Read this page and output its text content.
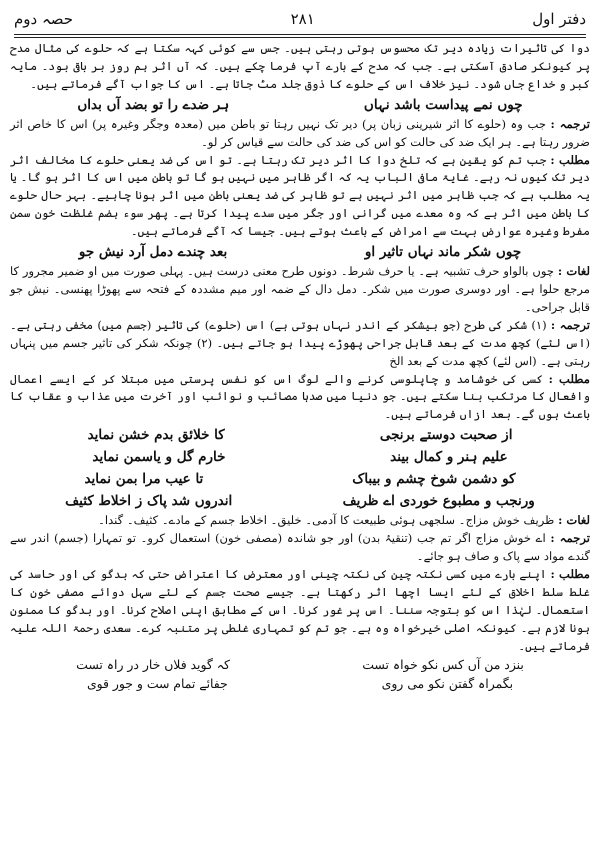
حصہ دوم	۲۸۱	دفتر اول

دوا کی تاثیرات زیادہ دیر تک محسوس ہوتی رہتی ہیں۔ جس سے کوئی کہہ سکتا ہے کہ حلوے کی مثال مدح پر کیونکر صادق آسکتی ہے۔ جب کہ مدح کے بارے آپ فرما چکے ہیں۔ کہ آں اثر ہم روز بر باقی بود۔ مایہ کبر و خداع جاں شود۔ نیز خلاف اس کے حلوے کا ذوق جلد مٹ جاتا ہے۔ اس کا جواب آگے فرماتے ہیں۔

چوں نمے پیداست باشد نہاں
ہر ضدے را تو بضد آں بداں

ترجمہ : جب وہ (حلوے کا اثر شیرینی زبان پر) دیر تک نہیں رہتا تو باطن میں (معدہ وجگر وغیرہ پر) اس کا خاص اثر ضرور رہتا ہے۔ ہر ایک ضد کی حالت کو اس کی ضد کی حالت سے قیاس کر لو۔

مطلب : جب تم کو یقین ہے کہ تلخ دوا کا اثر دیر تک رہتا ہے۔ تو اس کی ضد یعنی حلوے کا مخالف اثر دیر تک کیوں نہ رہے۔ غایۃ مافی الباب یہ کہ اگر ظاہر میں نہیں ہو گا تو باطن میں اس کا اثر ہو گا۔ یا یہ مطلب ہے کہ جب ظاہر میں اثر نہیں ہے تو ظاہر کی ضد یعنی باطن میں اثر ہونا چاہیے۔ بہر حال حلوے کا باطن میں اثر ہے کہ وہ معدے میں گرانی اور جگر میں سدے پیدا کرتا ہے۔ پھر سوء ہضم غلظت خون سمن مفرط وغیرہ عوارض بہت سے امراض کے باعث ہوتے ہیں۔ جیسا کہ آگے فرماتے ہیں۔

چوں شکر ماند نہاں تاثیر او
بعد چندے دمل آرد نیش جو

لغات : چوں بالواو حرف تشبیہ ہے۔ یا حرف شرط۔ دونوں طرح معنی درست ہیں۔ پہلی صورت میں او ضمیر مجرور کا مرجع حلوا ہے۔ اور دوسری صورت میں شکر۔ دمل دال کے ضمہ اور میم مشددہ کے فتحہ سے پھوڑا پھنسی۔ نیش جو قابل جراحی۔

ترجمہ : (۱) شکر کی طرح (جو بیشکر کے اندر نہاں ہوتی ہے) اس (حلوے) کی تاثیر (جسم میں) مخفی رہتی ہے۔ (اس لئے) کچھ مدت کے بعد قابل جراحی پھوڑے پیدا ہو جاتے ہیں۔ (۲) چونکہ شکر کی تاثیر جسم میں پنہاں رہتی ہے۔ (اس لئے) کچھ مدت کے بعد الخ

مطلب : کسی کی خوشامد و چاپلوسی کرنے والے لوگ اس کو نفس پرستی میں مبتلا کر کے ایسے اعمال وافعال کا مرتکب بنا سکتے ہیں۔ جو دنیا میں صدہا مصائب و نوائب اور آخرت میں عذاب و عقاب کا باعث ہوں گے۔ بعد ازاں فرماتے ہیں۔

از صحبت دوستے برنجی
کا خلائق بدم خشن نماید
علیم ہنر و کمال بیند
خارم گل و یاسمن نماید
کو دشمن شوخ چشم و بیباک
تا عیب مرا بمن نماید
ورنجب و مطبوع خوردی اے ظریف
اندروں شد پاک ز اخلاط کثیف

لغات : ظریف خوش مزاج۔ سلجھی ہوئی طبیعت کا آدمی۔ خلیق۔ اخلاط جسم کے مادے۔ کثیف۔ گندا۔

ترجمہ : اے خوش مزاج اگر تم جب (تنقیۂ بدن) اور جو شاندہ (مصفی خون) استعمال کرو۔ تو تمہارا (جسم) اندر سے گندے مواد سے پاک و صاف ہو جائے۔

مطلب : اپنے بارے میں کسی نکتہ چین کی نکتہ چینی اور معترض کا اعتراض حتی کہ بدگو کی اور حاسد کی غلط سلط اخلاق کے لئے ایسا اچھا اثر رکھتا ہے۔ جیسے صحت جسم کے لئے سہل دوائے مصفی خون کا استعمال۔ لہٰذا اس کو بتوجہ سننا۔ اس پر غور کرنا۔ اس کے مطابق اپنی اصلاح کرنا۔ اور بدگو کا ممنون ہونا لازم ہے۔ کیونکہ اصلی خیرخواہ وہ ہے۔ جو تم کو تمہاری غلطی پر متنبہ کرے۔ سعدی رحمۃ اللہ علیہ فرماتے ہیں۔

بنزد من آں کس نکو خواہ تست
کہ گوید فلاں خار در راہ تست
بگمراہ گفتن نکو می روی
جفائے تمام ست و جور قوی
